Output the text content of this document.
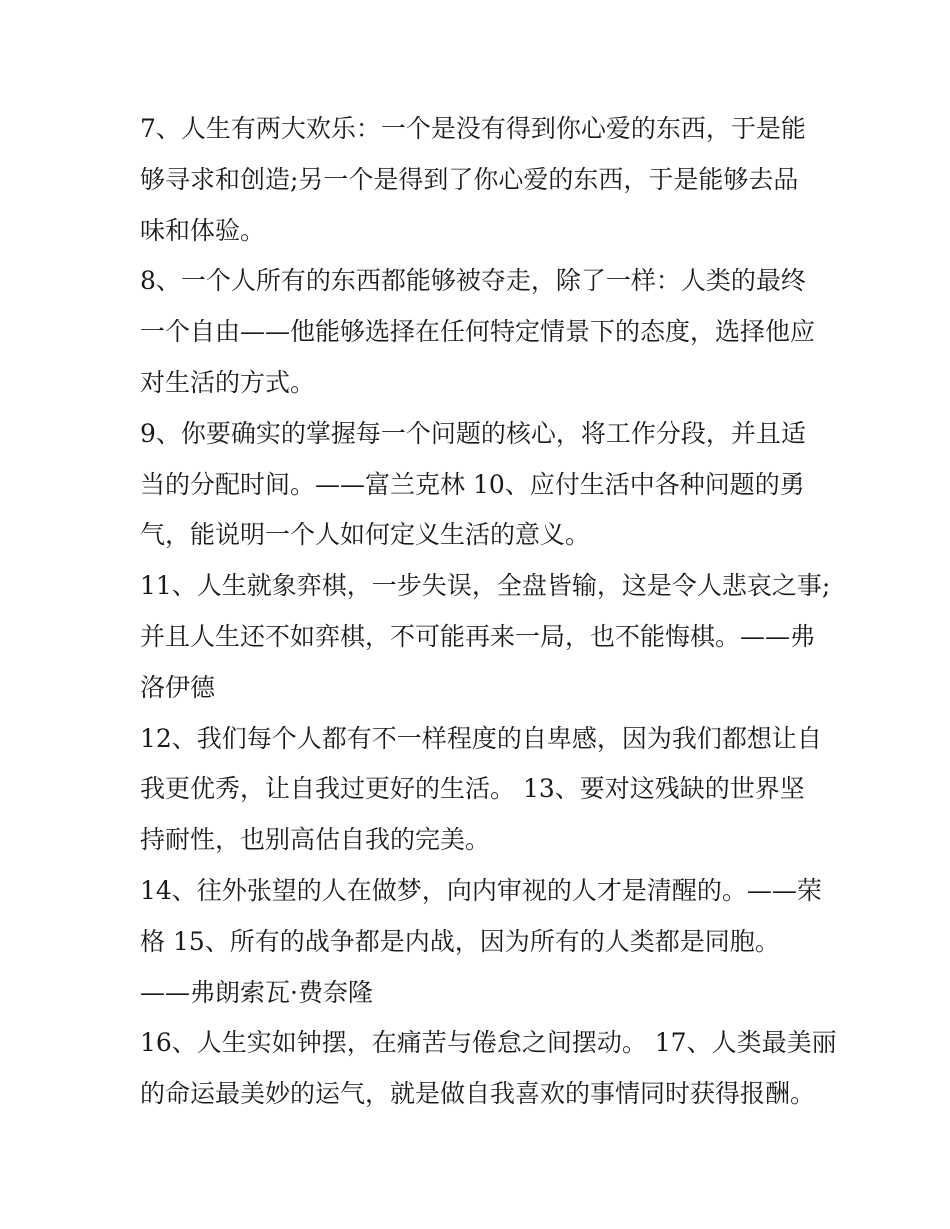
7、人生有两大欢乐：一个是没有得到你心爱的东西，于是能
够寻求和创造;另一个是得到了你心爱的东西，于是能够去品
味和体验。
8、一个人所有的东西都能够被夺走，除了一样：人类的最终
一个自由——他能够选择在任何特定情景下的态度，选择他应
对生活的方式。
9、你要确实的掌握每一个问题的核心，将工作分段，并且适
当的分配时间。——富兰克林 10、应付生活中各种问题的勇
气，能说明一个人如何定义生活的意义。
11、人生就象弈棋，一步失误，全盘皆输，这是令人悲哀之事;
并且人生还不如弈棋，不可能再来一局，也不能悔棋。——弗
洛伊德
12、我们每个人都有不一样程度的自卑感，因为我们都想让自
我更优秀，让自我过更好的生活。 13、要对这残缺的世界坚
持耐性，也别高估自我的完美。
14、往外张望的人在做梦，向内审视的人才是清醒的。——荣
格 15、所有的战争都是内战，因为所有的人类都是同胞。
——弗朗索瓦·费奈隆
16、人生实如钟摆，在痛苦与倦怠之间摆动。 17、人类最美丽
的命运最美妙的运气，就是做自我喜欢的事情同时获得报酬。
